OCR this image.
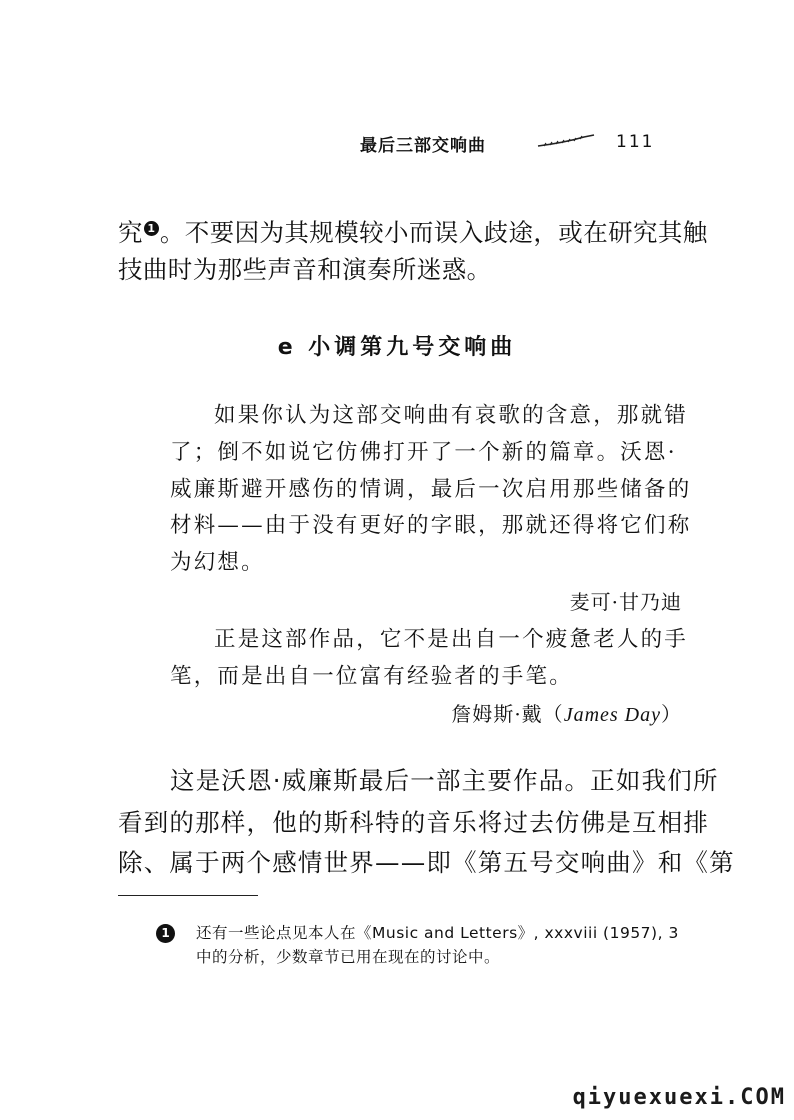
最后三部交响曲	111
究 1 。不要因为其规模较小而误入歧途，或在研究其触
技曲时为那些声音和演奏所迷惑。
e 小调第九号交响曲
如果你认为这部交响曲有哀歌的含意，那就错
了；倒不如说它仿佛打开了一个新的篇章。沃恩·
威廉斯避开感伤的情调，最后一次启用那些储备的
材料——由于没有更好的字眼，那就还得将它们称
为幻想。
麦可·甘乃迪
正是这部作品，它不是出自一个疲惫老人的手
笔，而是出自一位富有经验者的手笔。
詹姆斯·戴（James Day）
这是沃恩·威廉斯最后一部主要作品。正如我们所
看到的那样，他的斯科特的音乐将过去仿佛是互相排
除、属于两个感情世界——即《第五号交响曲》和《第
1	还有一些论点见本人在《Music and Letters》, xxxviii (1957), 3
中的分析，少数章节已用在现在的讨论中。
qiyuexuexi.COM
